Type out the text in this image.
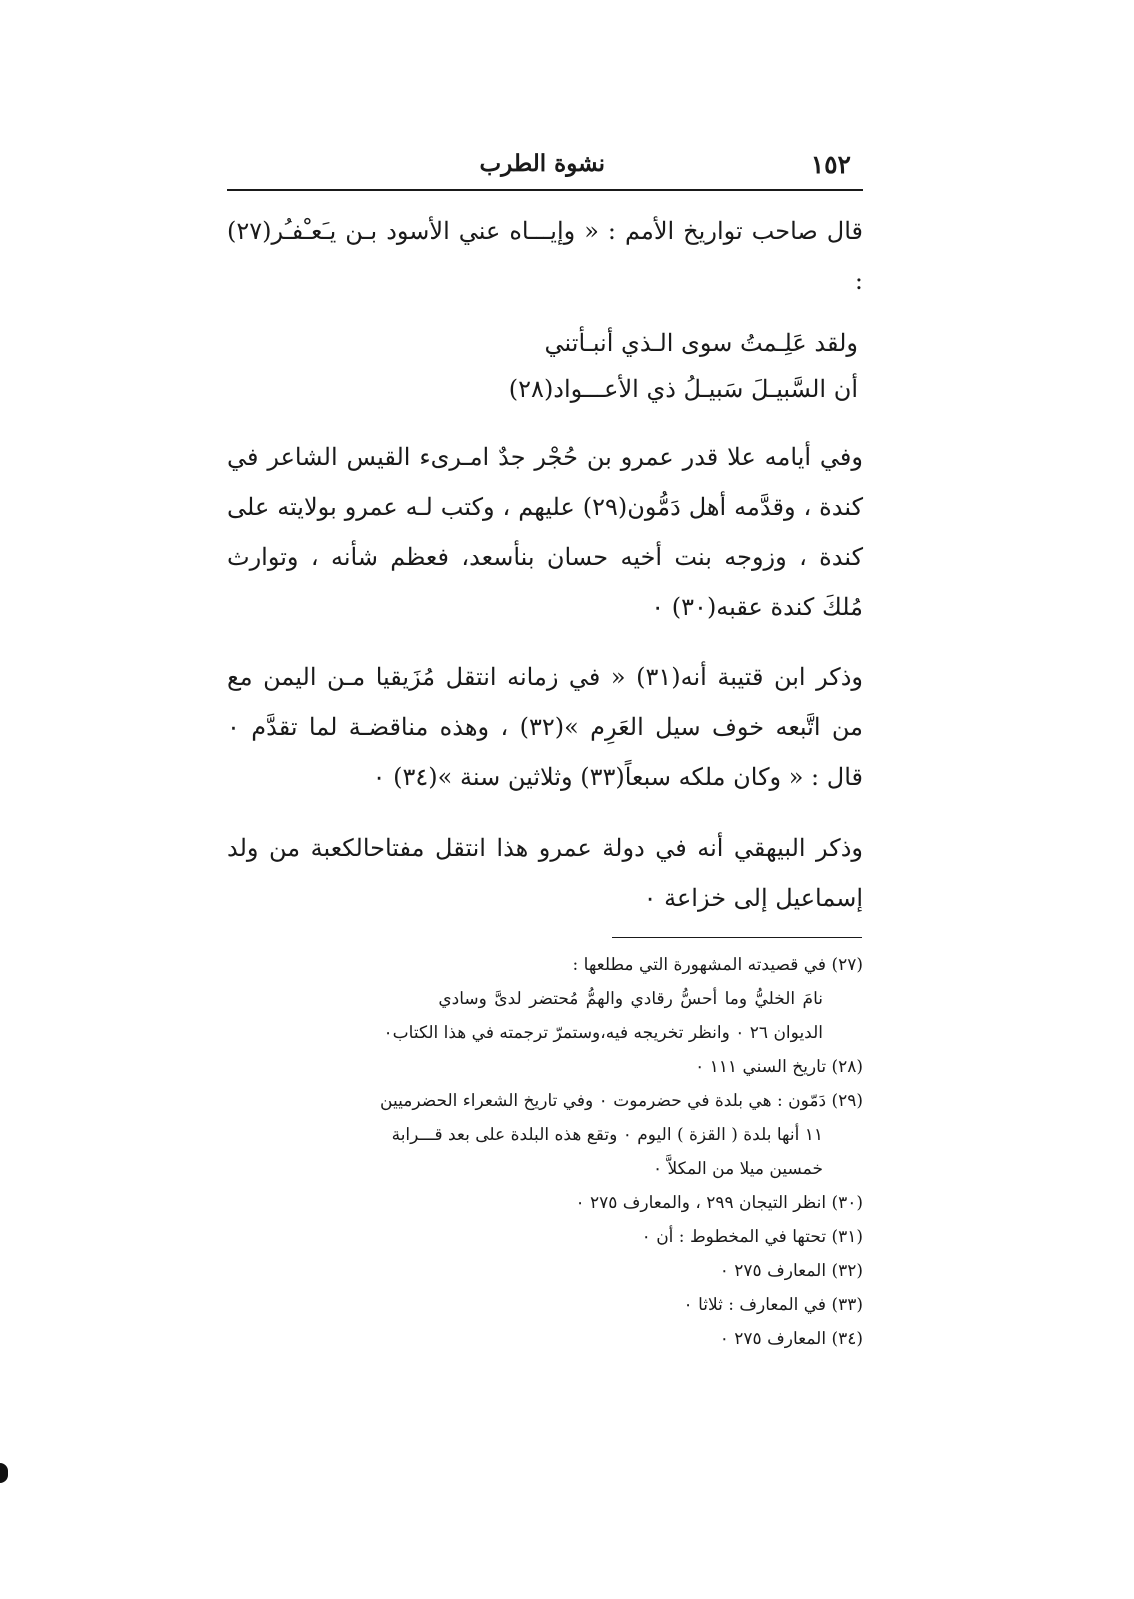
١٥٢
نشوة الطرب
قال صاحب تواريخ الأمم : « وإيـــاه عني الأسود بـن يـَعـْفـُر(٢٧) :
ولقد عَلِـمتُ سوى الـذي أنبـأتني
أن السَّبيـلَ سَبيـلُ ذي الأعـــواد(٢٨)
وفي أيامه علا قدر عمرو بن حُجْر جدٌ امـرىء القيس الشاعر في كندة ، وقدَّمه أهل دَمُّون(٢٩) عليهم ، وكتب لـه عمرو بولايته على كندة ، وزوجه بنت أخيه حسان بنأسعد، فعظم شأنه ، وتوارث مُلكَ كندة عقبه(٣٠) ٠
وذكر ابن قتيبة أنه(٣١) « في زمانه انتقل مُزَيقيا مـن اليمن مع من اتَّبعه خوف سيل العَرِم »(٣٢) ، وهذه مناقضـة لما تقدَّم ٠ قال : « وكان ملكه سبعاً(٣٣) وثلاثين سنة »(٣٤) ٠
وذكر البيهقي أنه في دولة عمرو هذا انتقل مفتاحالكعبة من ولد إسماعيل إلى خزاعة ٠
(٢٧) في قصيدته المشهورة التي مطلعها :
نامَ الخليُّ وما أحسُّ رقادي والهمُّ مُحتضر لدىَّ وسادي
الديوان ٢٦ ٠ وانظر تخريجه فيه،وستمرّ ترجمته في هذا الكتاب٠
(٢٨) تاريخ السني ١١١ ٠
(٢٩) دَمّون : هي بلدة في حضرموت ٠ وفي تاريخ الشعراء الحضرميين
١١ أنها بلدة ( القزة ) اليوم ٠ وتقع هذه البلدة على بعد قـــرابة
خمسين ميلا من المكلاَّ ٠
(٣٠) انظر التيجان ٢٩٩ ، والمعارف ٢٧٥ ٠
(٣١) تحتها في المخطوط : أن ٠
(٣٢) المعارف ٢٧٥ ٠
(٣٣) في المعارف : ثلاثا ٠
(٣٤) المعارف ٢٧٥ ٠
